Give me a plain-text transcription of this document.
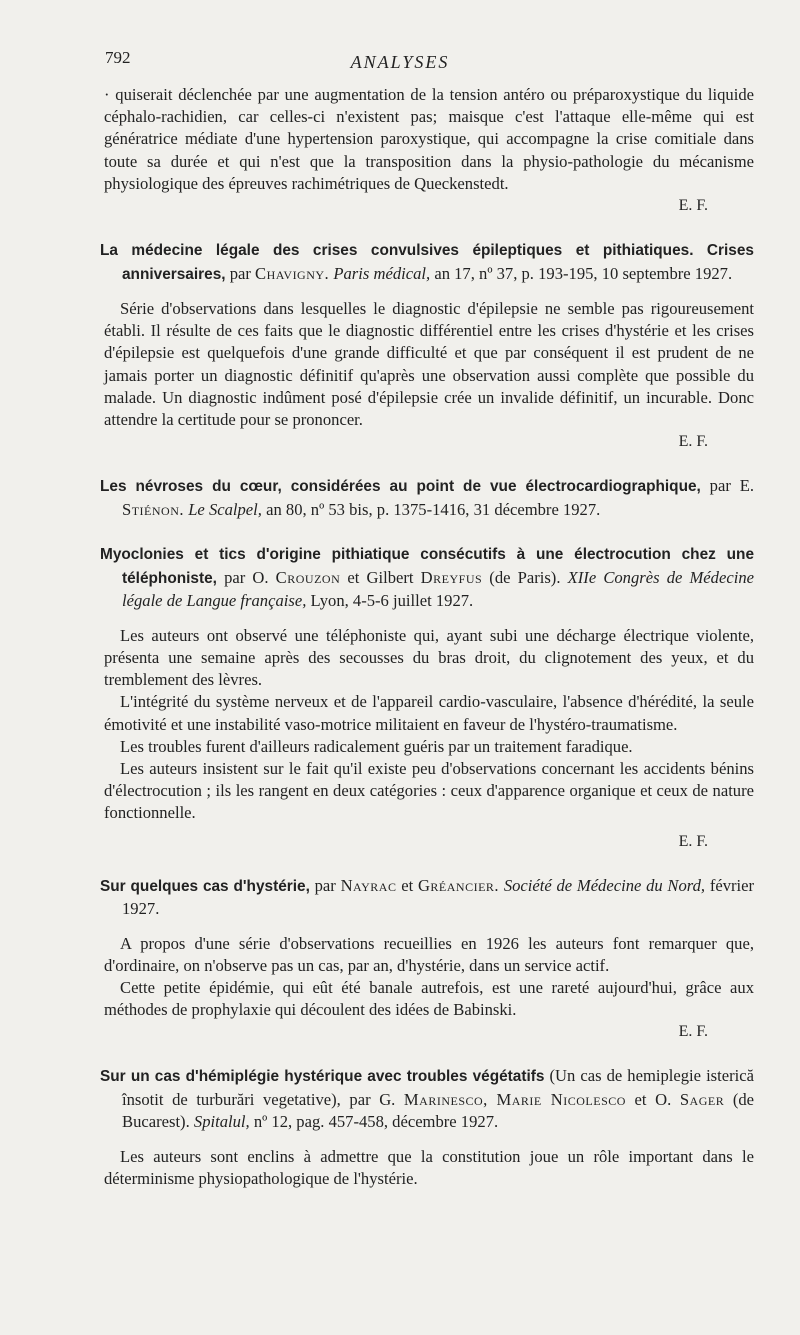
792	ANALYSES

· quiserait déclenchée par une augmentation de la tension antéro ou préparoxystique du liquide céphalo-rachidien, car celles-ci n'existent pas; maisque c'est l'attaque elle-même qui est génératrice médiate d'une hypertension paroxystique, qui accompagne la crise comitiale dans toute sa durée et qui n'est que la transposition dans la physio-pathologie du mécanisme physiologique des épreuves rachimétriques de Queckenstedt.

E. F.

La médecine légale des crises convulsives épileptiques et pithiatiques. Crises anniversaires, par Chavigny. Paris médical, an 17, nº 37, p. 193-195, 10 septembre 1927.

Série d'observations dans lesquelles le diagnostic d'épilepsie ne semble pas rigoureusement établi. Il résulte de ces faits que le diagnostic différentiel entre les crises d'hystérie et les crises d'épilepsie est quelquefois d'une grande difficulté et que par conséquent il est prudent de ne jamais porter un diagnostic définitif qu'après une observation aussi complète que possible du malade. Un diagnostic indûment posé d'épilepsie crée un invalide définitif, un incurable. Donc attendre la certitude pour se prononcer.

E. F.

Les névroses du cœur, considérées au point de vue électrocardiographique, par E. Stiénon. Le Scalpel, an 80, nº 53 bis, p. 1375-1416, 31 décembre 1927.

Myoclonies et tics d'origine pithiatique consécutifs à une électrocution chez une téléphoniste, par O. Crouzon et Gilbert Dreyfus (de Paris). XIIe Congrès de Médecine légale de Langue française, Lyon, 4-5-6 juillet 1927.

Les auteurs ont observé une téléphoniste qui, ayant subi une décharge électrique violente, présenta une semaine après des secousses du bras droit, du clignotement des yeux, et du tremblement des lèvres.

L'intégrité du système nerveux et de l'appareil cardio-vasculaire, l'absence d'hérédité, la seule émotivité et une instabilité vaso-motrice militaient en faveur de l'hystéro-traumatisme.

Les troubles furent d'ailleurs radicalement guéris par un traitement faradique.

Les auteurs insistent sur le fait qu'il existe peu d'observations concernant les accidents bénins d'électrocution ; ils les rangent en deux catégories : ceux d'apparence organique et ceux de nature fonctionnelle.

E. F.

Sur quelques cas d'hystérie, par Nayrac et Gréancier. Société de Médecine du Nord, février 1927.

A propos d'une série d'observations recueillies en 1926 les auteurs font remarquer que, d'ordinaire, on n'observe pas un cas, par an, d'hystérie, dans un service actif.

Cette petite épidémie, qui eût été banale autrefois, est une rareté aujourd'hui, grâce aux méthodes de prophylaxie qui découlent des idées de Babinski.

E. F.

Sur un cas d'hémiplégie hystérique avec troubles végétatifs (Un cas de hemiplegie isterică însotit de turburări vegetative), par G. Marinesco, Marie Nicolesco et O. Sager (de Bucarest). Spitalul, nº 12, pag. 457-458, décembre 1927.

Les auteurs sont enclins à admettre que la constitution joue un rôle important dans le déterminisme physiopathologique de l'hystérie.
